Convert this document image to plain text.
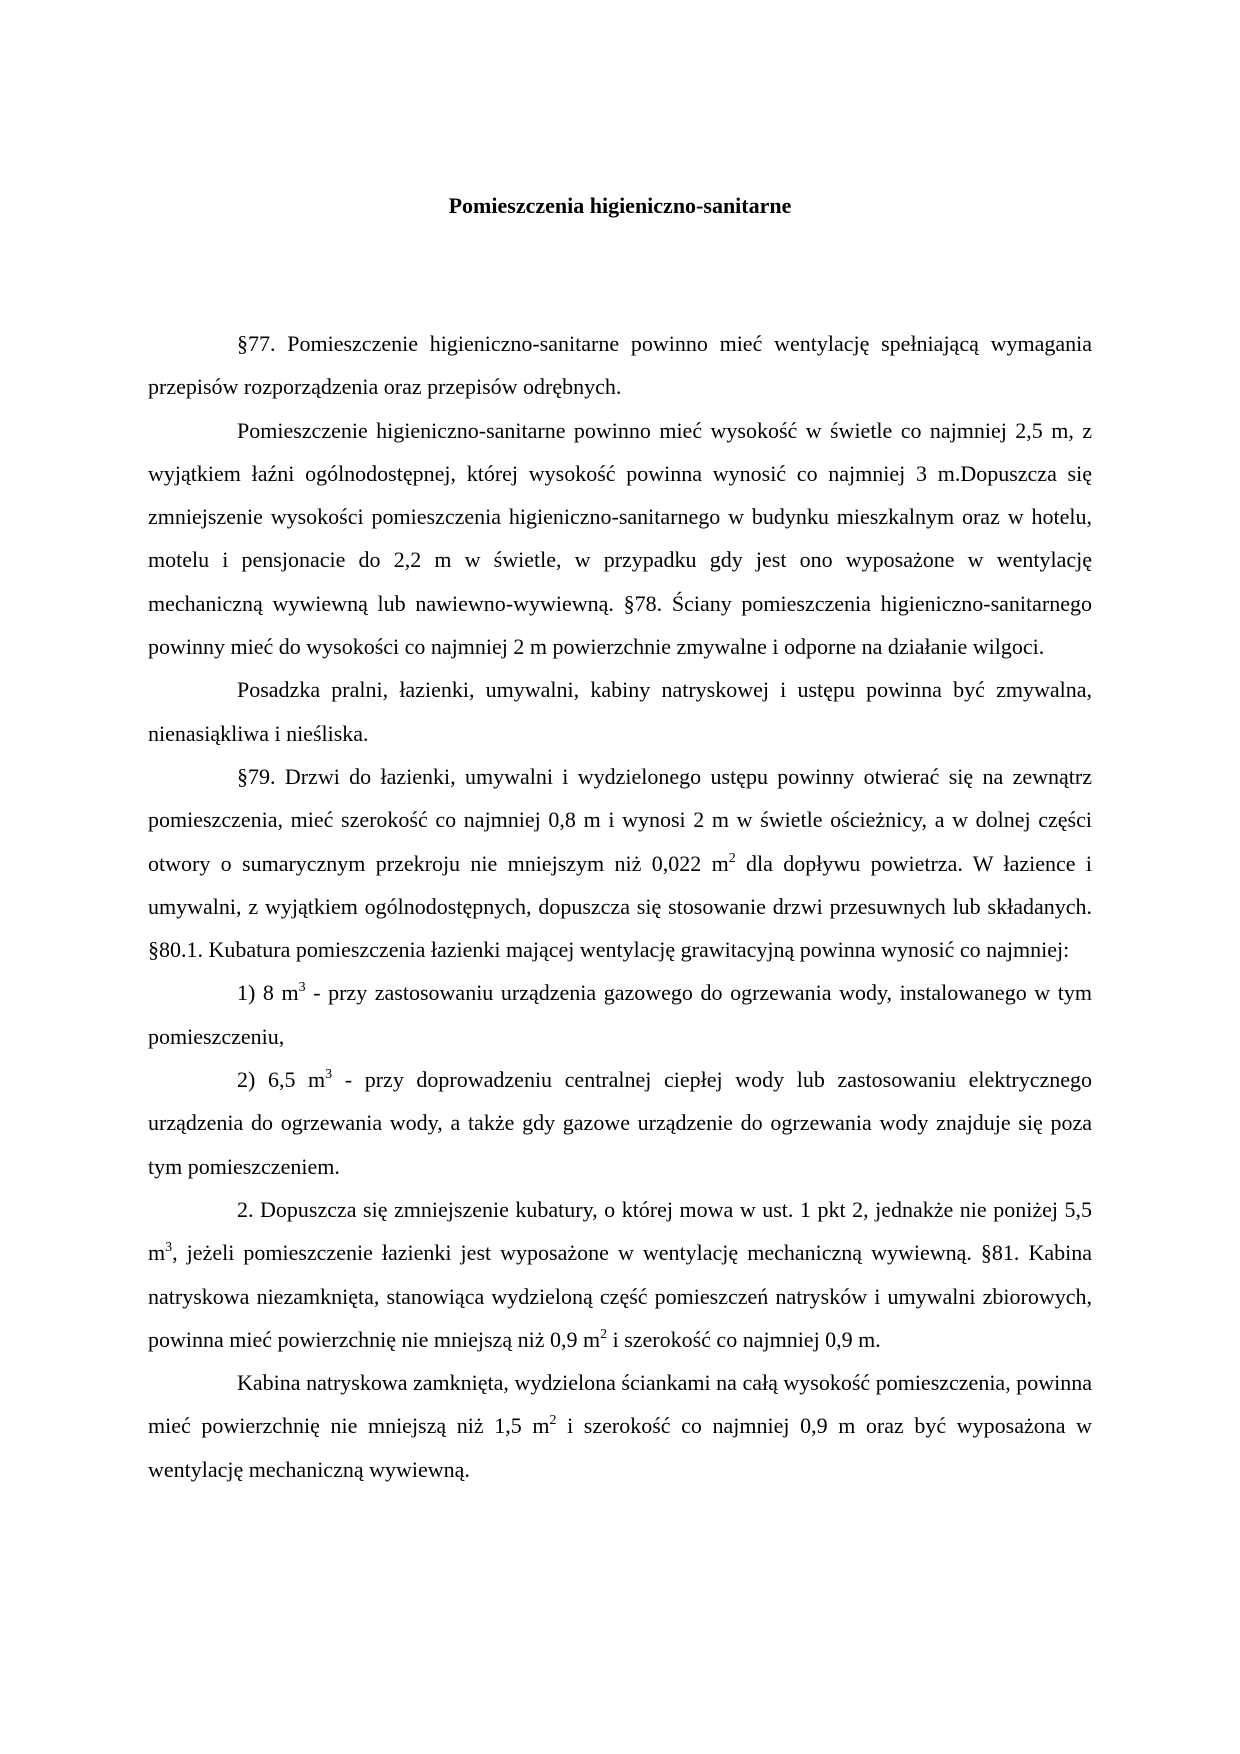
Pomieszczenia higieniczno-sanitarne

§77. Pomieszczenie higieniczno-sanitarne powinno mieć wentylację spełniającą wymagania przepisów rozporządzenia oraz przepisów odrębnych.

Pomieszczenie higieniczno-sanitarne powinno mieć wysokość w świetle co najmniej 2,5 m, z wyjątkiem łaźni ogólnodostępnej, której wysokość powinna wynosić co najmniej 3 m.Dopuszcza się zmniejszenie wysokości pomieszczenia higieniczno-sanitarnego w budynku mieszkalnym oraz w hotelu, motelu i pensjonacie do 2,2 m w świetle, w przypadku gdy jest ono wyposażone w wentylację mechaniczną wywiewną lub nawiewno-wywiewną. §78. Ściany pomieszczenia higieniczno-sanitarnego powinny mieć do wysokości co najmniej 2 m powierzchnie zmywalne i odporne na działanie wilgoci.

Posadzka pralni, łazienki, umywalni, kabiny natryskowej i ustępu powinna być zmywalna, nienasiąkliwa i nieśliska.

§79. Drzwi do łazienki, umywalni i wydzielonego ustępu powinny otwierać się na zewnątrz pomieszczenia, mieć szerokość co najmniej 0,8 m i wynosi 2 m w świetle ościeżnicy, a w dolnej części otwory o sumarycznym przekroju nie mniejszym niż 0,022 $m^2$ dla dopływu powietrza. W łazience i umywalni, z wyjątkiem ogólnodostępnych, dopuszcza się stosowanie drzwi przesuwnych lub składanych. §80.1. Kubatura pomieszczenia łazienki mającej wentylację grawitacyjną powinna wynosić co najmniej:

1) 8 $m^3$ - przy zastosowaniu urządzenia gazowego do ogrzewania wody, instalowanego w tym pomieszczeniu,

2) 6,5 $m^3$ - przy doprowadzeniu centralnej ciepłej wody lub zastosowaniu elektrycznego urządzenia do ogrzewania wody, a także gdy gazowe urządzenie do ogrzewania wody znajduje się poza tym pomieszczeniem.

2. Dopuszcza się zmniejszenie kubatury, o której mowa w ust. 1 pkt 2, jednakże nie poniżej 5,5 $m^3$, jeżeli pomieszczenie łazienki jest wyposażone w wentylację mechaniczną wywiewną. §81. Kabina natryskowa niezamknięta, stanowiąca wydzieloną część pomieszczeń natrysków i umywalni zbiorowych, powinna mieć powierzchnię nie mniejszą niż 0,9 $m^2$ i szerokość co najmniej 0,9 m.

Kabina natryskowa zamknięta, wydzielona ściankami na całą wysokość pomieszczenia, powinna mieć powierzchnię nie mniejszą niż 1,5 $m^2$ i szerokość co najmniej 0,9 m oraz być wyposażona w wentylację mechaniczną wywiewną.
